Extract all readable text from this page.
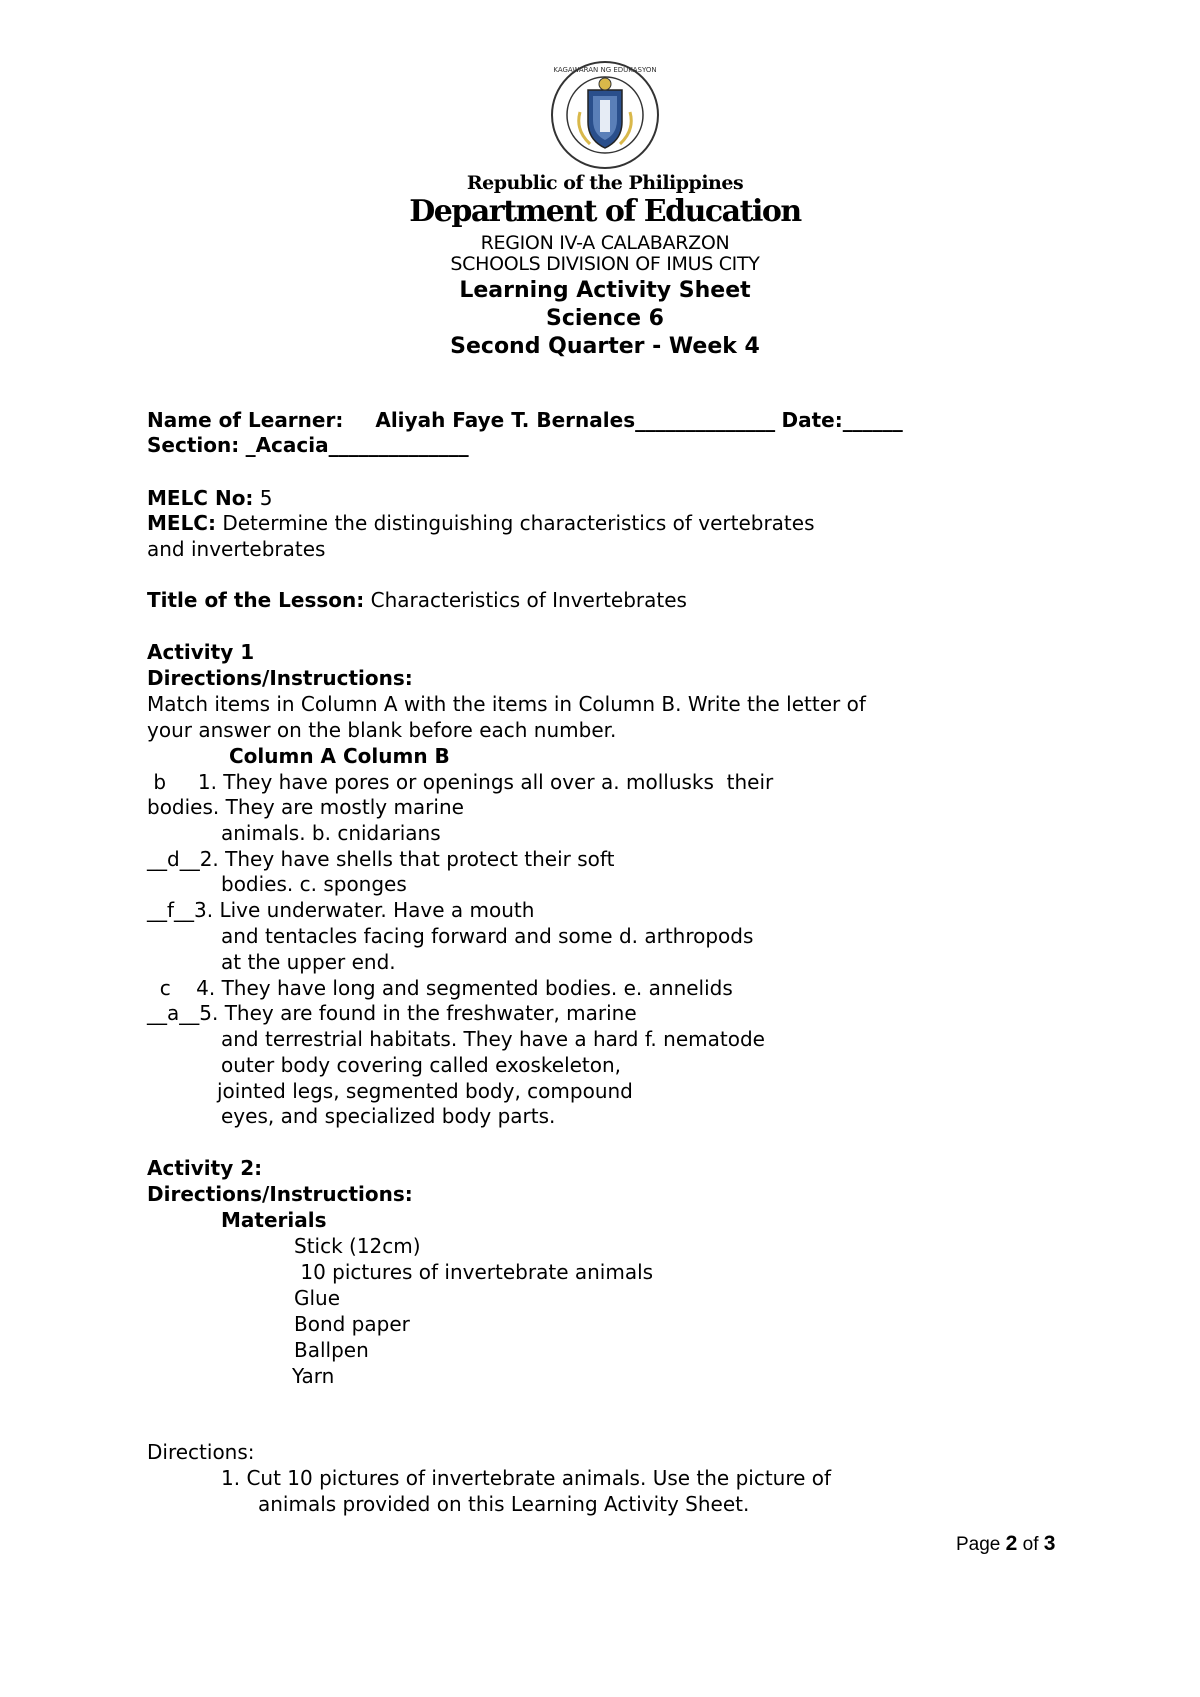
KAGAWARAN NG EDUKASYON
Republic of the Philippines
Department of Education
REGION IV-A CALABARZON
SCHOOLS DIVISION OF IMUS CITY
Learning Activity Sheet
Science 6
Second Quarter - Week 4
Name of Learner: Aliyah Faye T. Bernales______________ Date:______
Section: _Acacia______________
MELC No: 5
MELC: Determine the distinguishing characteristics of vertebrates
and invertebrates
Title of the Lesson: Characteristics of Invertebrates
Activity 1
Directions/Instructions:
Match items in Column A with the items in Column B. Write the letter of
your answer on the blank before each number.
Column A Column B
b     1. They have pores or openings all over a. mollusks  their
bodies. They are mostly marine
animals. b. cnidarians
__d__2. They have shells that protect their soft
bodies. c. sponges
__f__3. Live underwater. Have a mouth
and tentacles facing forward and some d. arthropods
at the upper end.
c    4. They have long and segmented bodies. e. annelids
__a__5. They are found in the freshwater, marine
and terrestrial habitats. They have a hard f. nematode
outer body covering called exoskeleton,
jointed legs, segmented body, compound
eyes, and specialized body parts.
Activity 2:
Directions/Instructions:
Materials
Stick (12cm)
10 pictures of invertebrate animals
Glue
Bond paper
Ballpen
Yarn
Directions:
1. Cut 10 pictures of invertebrate animals. Use the picture of
animals provided on this Learning Activity Sheet.
Page 2 of 3
